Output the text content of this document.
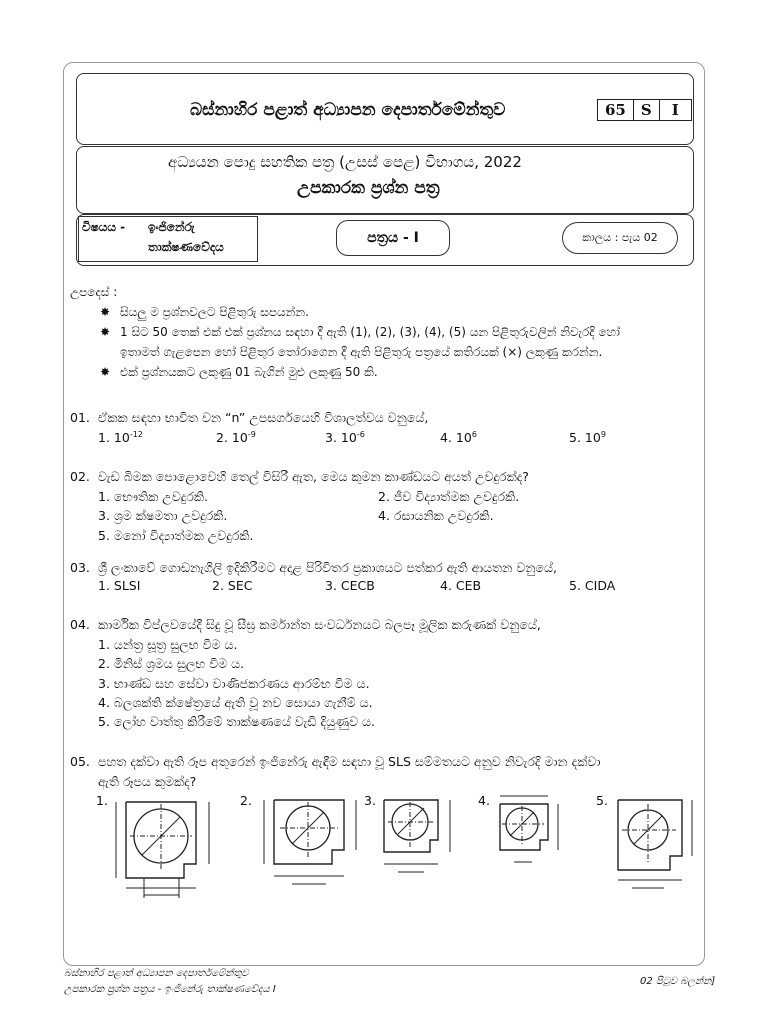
බස්නාහිර පළාත් අධ්‍යාපන දෙපාර්තමේන්තුව	65	S	I
අධ්‍යයන පොදු සහතික පත්‍ර (උසස් පෙළ) විභාගය, 2022
උපකාරක ප්‍රශ්න පත්‍ර
විෂයය - ඉංජිනේරු
තාක්ෂණවේදය
පත්‍රය - I	කාලය : පැය 02
උපදෙස් :
✸ සියලු ම ප්‍රශ්නවලට පිළිතුරු සපයන්න.
✸ 1 සිට 50 තෙක් එක් එක් ප්‍රශ්නය සඳහා දී ඇති (1), (2), (3), (4), (5) යන පිළිතුරුවලින් නිවැරදි හෝ
ඉතාමත් ගැළපෙන හෝ පිළිතුර තෝරාගෙන දී ඇති පිළිතුරු පත්‍රයේ කතිරයක් (×) ලකුණු කරන්න.
✸ එක් ප්‍රශ්නයකට ලකුණු 01 බැගින් මුළු ලකුණු 50 කි.
01. ඒකක සඳහා භාවිත වන “n” උපසර්ගයෙහි විශාලත්වය වනුයේ,
1. $10^{-12}$	2. $10^{-9}$	3. $10^{-6}$	4. $10^6$	5. $10^9$
02. වැඩ බිමක පොළොවෙහි තෙල් විසිරී ඇත, මෙය කුමන කාණ්ඩයට අයත් උවදුරක්ද?
1. භෞතික උවදුරකි.	2. ජීව විද්‍යාත්මක උවදුරකි.
3. ශ්‍රම ක්ෂමතා උවදුරකි.	4. රසායනික උවදුරකි.
5. මනෝ විද්‍යාත්මක උවදුරකි.
03. ශ්‍රී ලංකාවේ ගොඩනැගිලි ඉදිකිරීමට අදාළ පිරිවිතර ප්‍රකාශයට පත්කර ඇති ආයතන වනුයේ,
1. SLSI	2. SEC	3. CECB	4. CEB	5. CIDA
04. කාර්මික විප්ලවයේදී සිදු වූ සීඝ්‍ර කර්මාන්ත සංවර්ධනයට බලපෑ මූලික කරුණක් වනුයේ,
1. යන්ත්‍ර සූත්‍ර සුලභ වීම ය.
2. මිනිස් ශ්‍රමය සුලභ වීම ය.
3. භාණ්ඩ සහ සේවා වාණිජකරණය ආරම්භ වීම ය.
4. බලශක්ති ක්ෂේත්‍රයේ ඇති වූ නව සොයා ගැනීම් ය.
5. ලෝහ වාත්තු කිරීමේ තාක්ෂණයේ වැඩි දියුණුව ය.
05. පහත දක්වා ඇති රූප අතුරෙන් ඉංජිනේරු ඇඳීම සඳහා වූ SLS සම්මතයට අනුව නිවැරදි මාන දක්වා
ඇති රූපය කුමක්ද?
1.	2.	3.	4.	5.
බස්නාහිර පළාත් අධ්‍යාපන දෙපාර්තමේන්තුව
උපකාරක ප්‍රශ්න පත්‍රය - ඉංජිනේරු තාක්ෂණවේදය I
02 පිටුව බලන්න]
